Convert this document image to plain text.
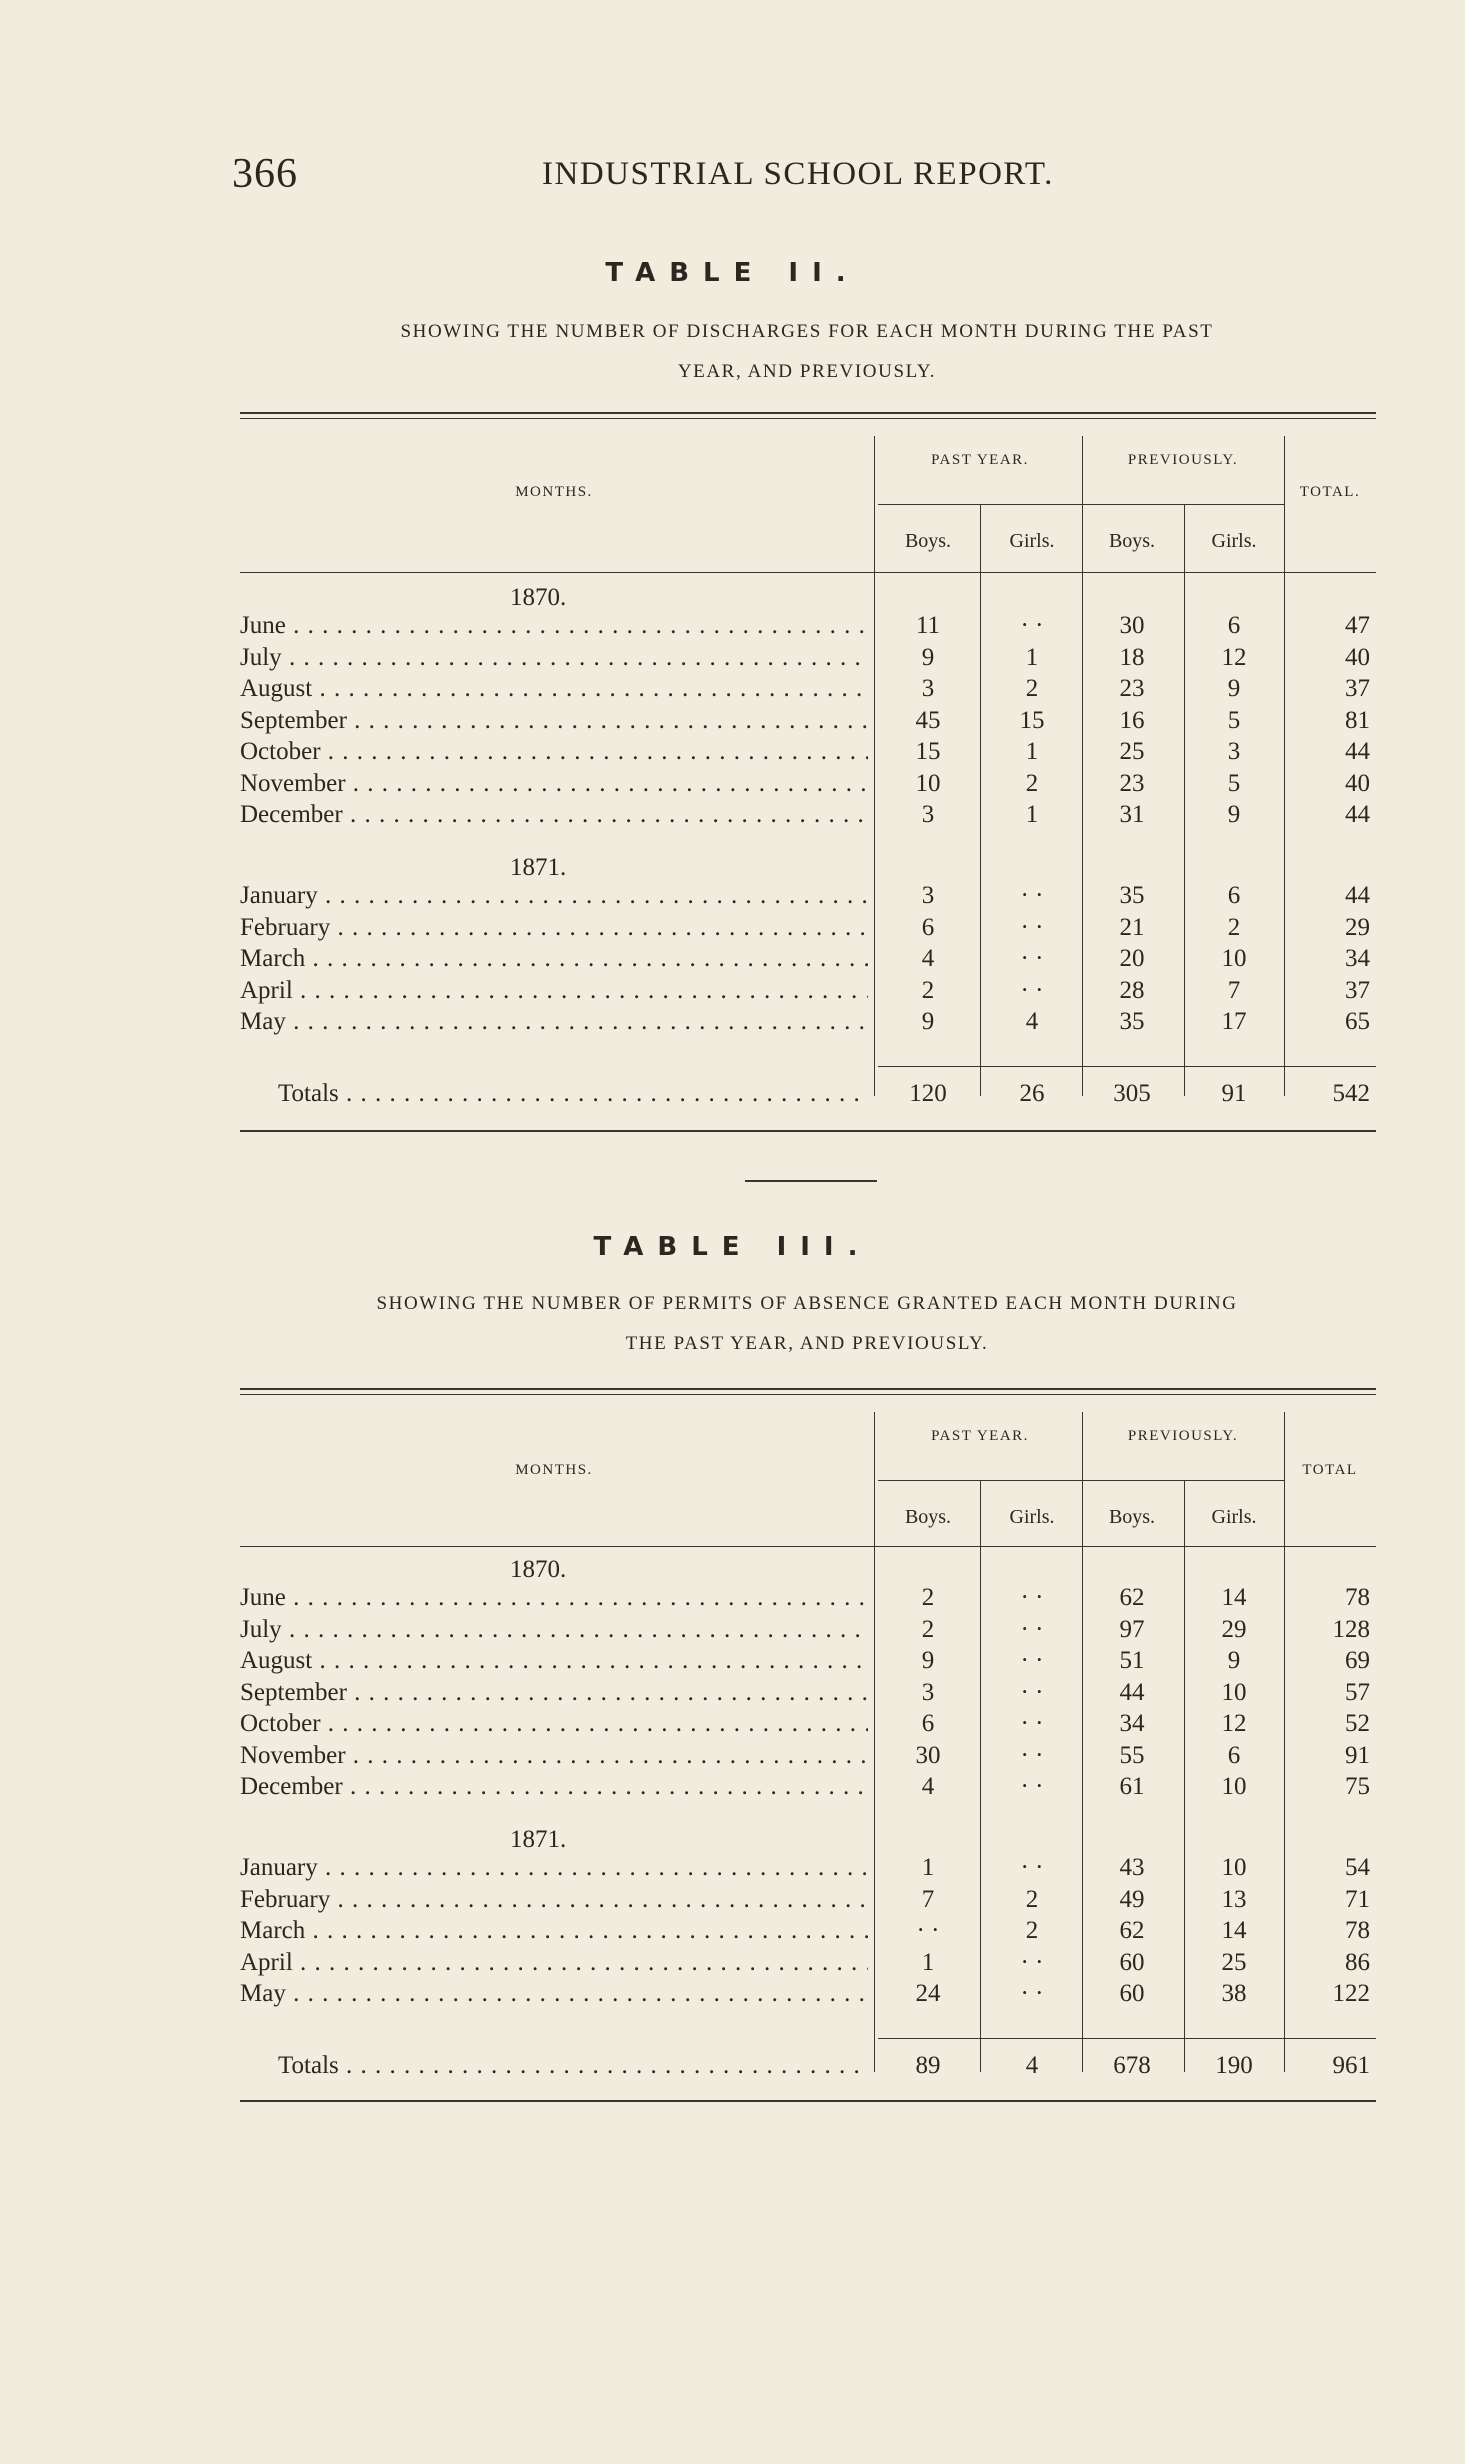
366	INDUSTRIAL SCHOOL REPORT.
TABLE II.
SHOWING THE NUMBER OF DISCHARGES FOR EACH MONTH DURING THE PAST
YEAR, AND PREVIOUSLY.
MONTHS.
PAST YEAR.	PREVIOUSLY.
TOTAL.
Boys.	Girls.	Boys.	Girls.
1870.
1871.
June . . .	11	· ·	30	6	47
July . . .	9	1	18	12	40
August . . .	3	2	23	9	37
September . . .	45	15	16	5	81
October . . .	15	1	25	3	44
November . . .	10	2	23	5	40
December . . .	3	1	31	9	44
January . . .	3	· ·	35	6	44
February . . .	6	· ·	21	2	29
March . . .	4	· ·	20	10	34
April . . .	2	· ·	28	7	37
May . . .	9	4	35	17	65
Totals . . .	120	26	305	91	542
TABLE III.
SHOWING THE NUMBER OF PERMITS OF ABSENCE GRANTED EACH MONTH DURING
THE PAST YEAR, AND PREVIOUSLY.
MONTHS.
PAST YEAR.	PREVIOUSLY.
TOTAL
Boys.	Girls.	Boys.	Girls.
1870.
1871.
June . . .	2	· ·	62	14	78
July . . .	2	· ·	97	29	128
August . . .	9	· ·	51	9	69
September . . .	3	· ·	44	10	57
October . . .	6	· ·	34	12	52
November . . .	30	· ·	55	6	91
December . . .	4	· ·	61	10	75
January . . .	1	· ·	43	10	54
February . . .	7	2	49	13	71
March . . .	· ·	2	62	14	78
April . . .	1	· ·	60	25	86
May . . .	24	· ·	60	38	122
Totals . . .	89	4	678	190	961
